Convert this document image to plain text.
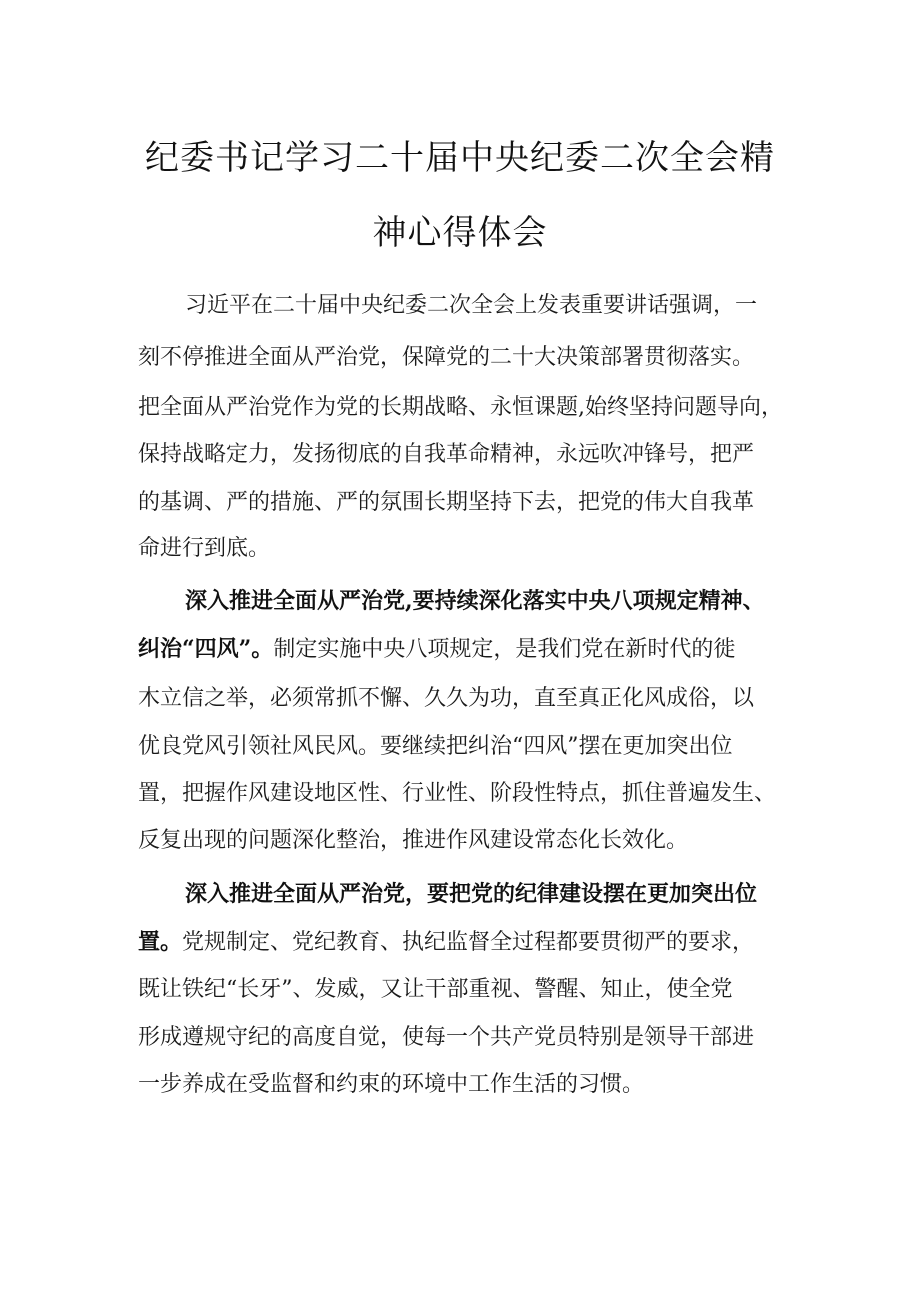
纪委书记学习二十届中央纪委二次全会精
神心得体会
习近平在二十届中央纪委二次全会上发表重要讲话强调，一
刻不停推进全面从严治党，保障党的二十大决策部署贯彻落实。
把全面从严治党作为党的长期战略、永恒课题,始终坚持问题导向，
保持战略定力，发扬彻底的自我革命精神，永远吹冲锋号，把严
的基调、严的措施、严的氛围长期坚持下去，把党的伟大自我革
命进行到底。
深入推进全面从严治党,要持续深化落实中央八项规定精神、
纠治“四风”。制定实施中央八项规定，是我们党在新时代的徙
木立信之举，必须常抓不懈、久久为功，直至真正化风成俗，以
优良党风引领社风民风。要继续把纠治“四风”摆在更加突出位
置，把握作风建设地区性、行业性、阶段性特点，抓住普遍发生、
反复出现的问题深化整治，推进作风建设常态化长效化。
深入推进全面从严治党，要把党的纪律建设摆在更加突出位
置。党规制定、党纪教育、执纪监督全过程都要贯彻严的要求，
既让铁纪“长牙”、发威，又让干部重视、警醒、知止，使全党
形成遵规守纪的高度自觉，使每一个共产党员特别是领导干部进
一步养成在受监督和约束的环境中工作生活的习惯。
